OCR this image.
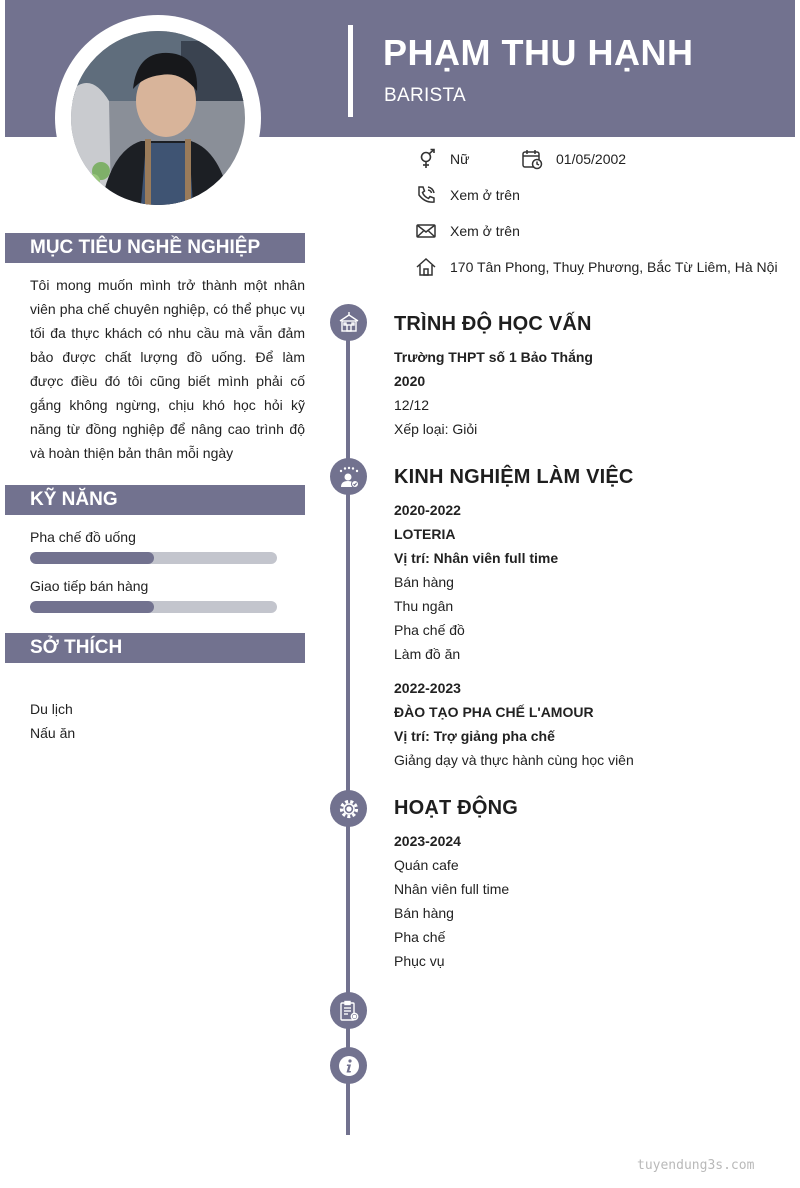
PHẠM THU HẠNH
BARISTA
Nữ	01/05/2002
Xem ở trên
Xem ở trên
170 Tân Phong, Thuỵ Phương, Bắc Từ Liêm, Hà Nội
MỤC TIÊU NGHỀ NGHIỆP

Tôi mong muốn mình trở thành một nhân viên pha chế chuyên nghiệp, có thể phục vụ tối đa thực khách có nhu cầu mà vẫn đảm bảo được chất lượng đồ uống. Để làm được điều đó tôi cũng biết mình phải cố gắng không ngừng, chịu khó học hỏi kỹ năng từ đồng nghiệp để nâng cao trình độ và hoàn thiện bản thân mỗi ngày

KỸ NĂNG
Pha chế đồ uống
Giao tiếp bán hàng
SỞ THÍCH
Du lịch
Nấu ăn
TRÌNH ĐỘ HỌC VẤN
Trường THPT số 1 Bảo Thắng
2020
12/12
Xếp loại: Giỏi
KINH NGHIỆM LÀM VIỆC
2020-2022
LOTERIA
Vị trí: Nhân viên full time
Bán hàng
Thu ngân
Pha chế đồ
Làm đồ ăn
2022-2023
ĐÀO TẠO PHA CHẾ L'AMOUR
Vị trí: Trợ giảng pha chế
Giảng dạy và thực hành cùng học viên
HOẠT ĐỘNG
2023-2024
Quán cafe
Nhân viên full time
Bán hàng
Pha chế
Phục vụ
tuyendung3s.com
